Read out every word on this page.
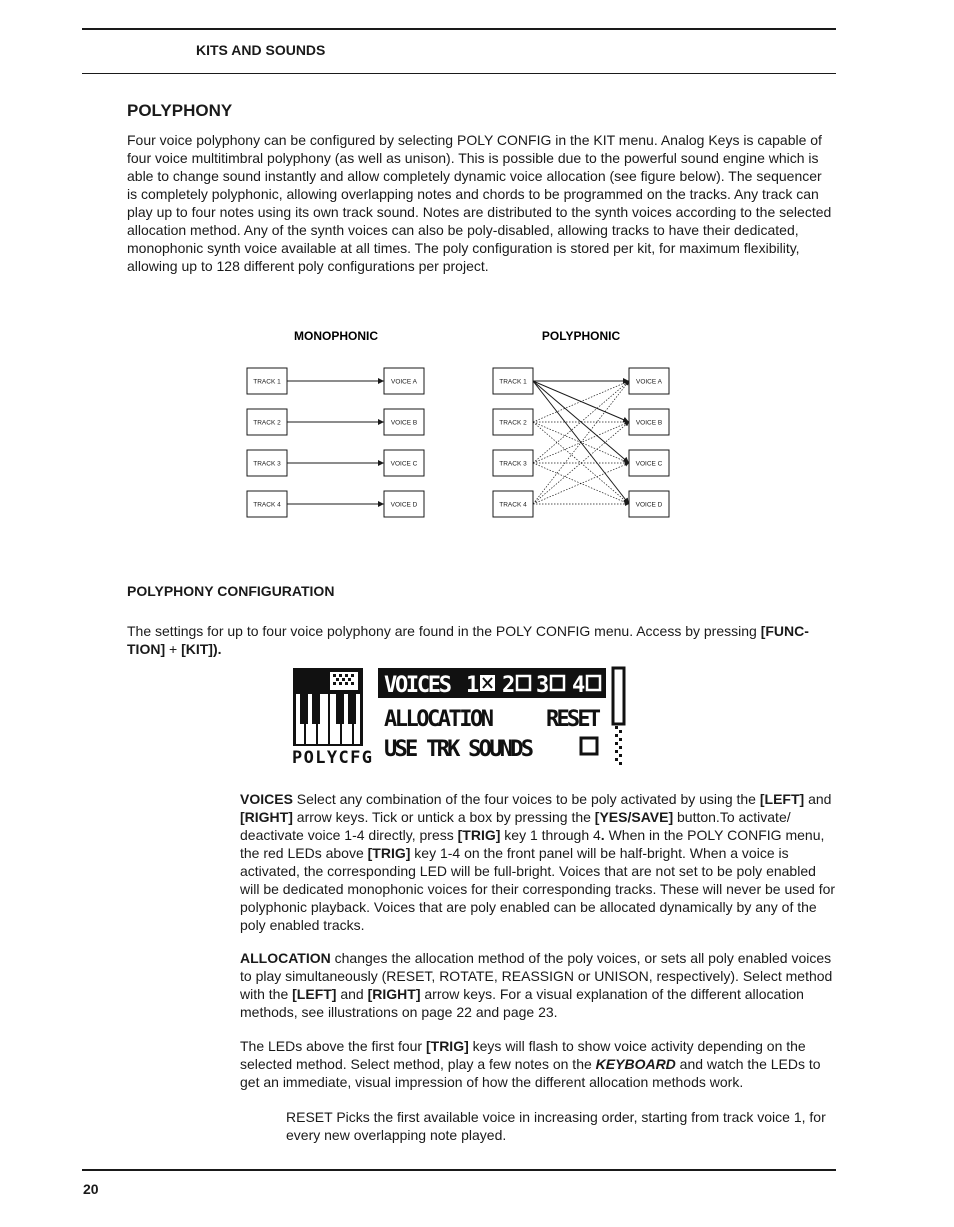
KITS AND SOUNDS
POLYPHONY
Four voice polyphony can be configured by selecting POLY CONFIG in the KIT menu. Analog Keys is capable of four voice multitimbral polyphony (as well as unison). This is possible due to the powerful sound engine which is able to change sound instantly and allow completely dynamic voice allocation (see figure below). The sequencer is completely polyphonic, allowing overlapping notes and chords to be programmed on the tracks. Any track can play up to four notes using its own track sound. Notes are distributed to the synth voices according to the selected allocation method. Any of the synth voices can also be poly-disabled, allowing tracks to have their dedicated, monophonic synth voice available at all times. The poly configuration is stored per kit, for maximum flexibility, allowing up to 128 different poly configurations per project.
MONOPHONIC	POLYPHONIC
TRACK 1	VOICE A	TRACK 1	VOICE A
TRACK 2	VOICE B	TRACK 2	VOICE B
TRACK 3	VOICE C	TRACK 3	VOICE C
TRACK 4	VOICE D	TRACK 4	VOICE D
POLYPHONY CONFIGURATION
The settings for up to four voice polyphony are found in the POLY CONFIG menu. Access by pressing [FUNC-TION] + [KIT]).
POLYCFG
VOICES 1 2 3 4
ALLOCATION RESET
USE TRK SOUNDS
VOICES Select any combination of the four voices to be poly activated by using the [LEFT] and [RIGHT] arrow keys. Tick or untick a box by pressing the [YES/SAVE] button.To activate/ deactivate voice 1-4 directly, press [TRIG] key 1 through 4. When in the POLY CONFIG menu, the red LEDs above [TRIG] key 1-4 on the front panel will be half-bright. When a voice is activated, the corresponding LED will be full-bright. Voices that are not set to be poly enabled will be dedicated monophonic voices for their corresponding tracks. These will never be used for polyphonic playback. Voices that are poly enabled can be allocated dynamically by any of the poly enabled tracks.
ALLOCATION changes the allocation method of the poly voices, or sets all poly enabled voices to play simultaneously (RESET, ROTATE, REASSIGN or UNISON, respectively). Select method with the [LEFT] and [RIGHT] arrow keys. For a visual explanation of the different allocation methods, see illustrations on page 22 and page 23.
The LEDs above the first four [TRIG] keys will flash to show voice activity depending on the selected method. Select method, play a few notes on the KEYBOARD and watch the LEDs to get an immediate, visual impression of how the different allocation methods work.
RESET Picks the first available voice in increasing order, starting from track voice 1, for every new overlapping note played.
20
